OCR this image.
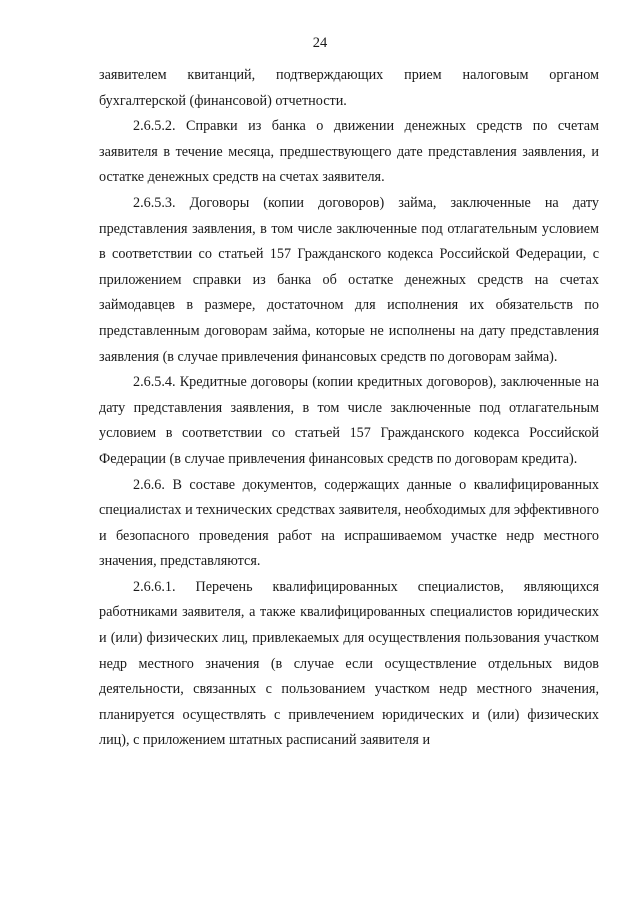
24

заявителем квитанций, подтверждающих прием налоговым органом бухгалтерской (финансовой) отчетности.

2.6.5.2. Справки из банка о движении денежных средств по счетам заявителя в течение месяца, предшествующего дате представления заявления, и остатке денежных средств на счетах заявителя.

2.6.5.3. Договоры (копии договоров) займа, заключенные на дату представления заявления, в том числе заключенные под отлагательным условием в соответствии со статьей 157 Гражданского кодекса Российской Федерации, с приложением справки из банка об остатке денежных средств на счетах займодавцев в размере, достаточном для исполнения их обязательств по представленным договорам займа, которые не исполнены на дату представления заявления (в случае привлечения финансовых средств по договорам займа).

2.6.5.4. Кредитные договоры (копии кредитных договоров), заключенные на дату представления заявления, в том числе заключенные под отлагательным условием в соответствии со статьей 157 Гражданского кодекса Российской Федерации (в случае привлечения финансовых средств по договорам кредита).

2.6.6. В составе документов, содержащих данные о квалифицированных специалистах и технических средствах заявителя, необходимых для эффективного и безопасного проведения работ на испрашиваемом участке недр местного значения, представляются.

2.6.6.1. Перечень квалифицированных специалистов, являющихся работниками заявителя, а также квалифицированных специалистов юридических и (или) физических лиц, привлекаемых для осуществления пользования участком недр местного значения (в случае если осуществление отдельных видов деятельности, связанных с пользованием участком недр местного значения, планируется осуществлять с привлечением юридических и (или) физических лиц), с приложением штатных расписаний заявителя и
